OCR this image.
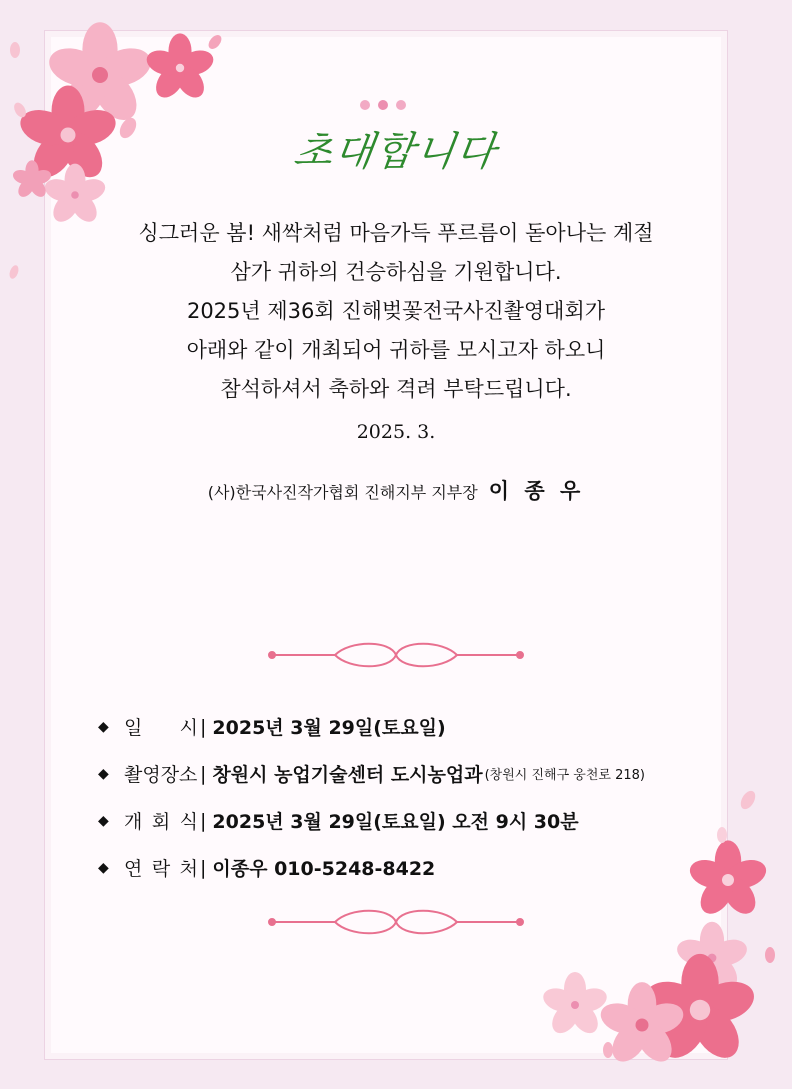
초대합니다
싱그러운 봄! 새싹처럼 마음가득 푸르름이 돋아나는 계절
삼가 귀하의 건승하심을 기원합니다.
2025년 제36회 진해벚꽃전국사진촬영대회가
아래와 같이 개최되어 귀하를 모시고자 하오니
참석하셔서 축하와 격려 부탁드립니다.
2025. 3.
(사)한국사진작가협회 진해지부 지부장 이 종 우
◆ 일 시 | 2025년 3월 29일(토요일)
◆ 촬영장소 | 창원시 농업기술센터 도시농업과 (창원시 진해구 웅천로 218)
◆ 개 회 식 | 2025년 3월 29일(토요일) 오전 9시 30분
◆ 연 락 처 | 이종우 010-5248-8422
